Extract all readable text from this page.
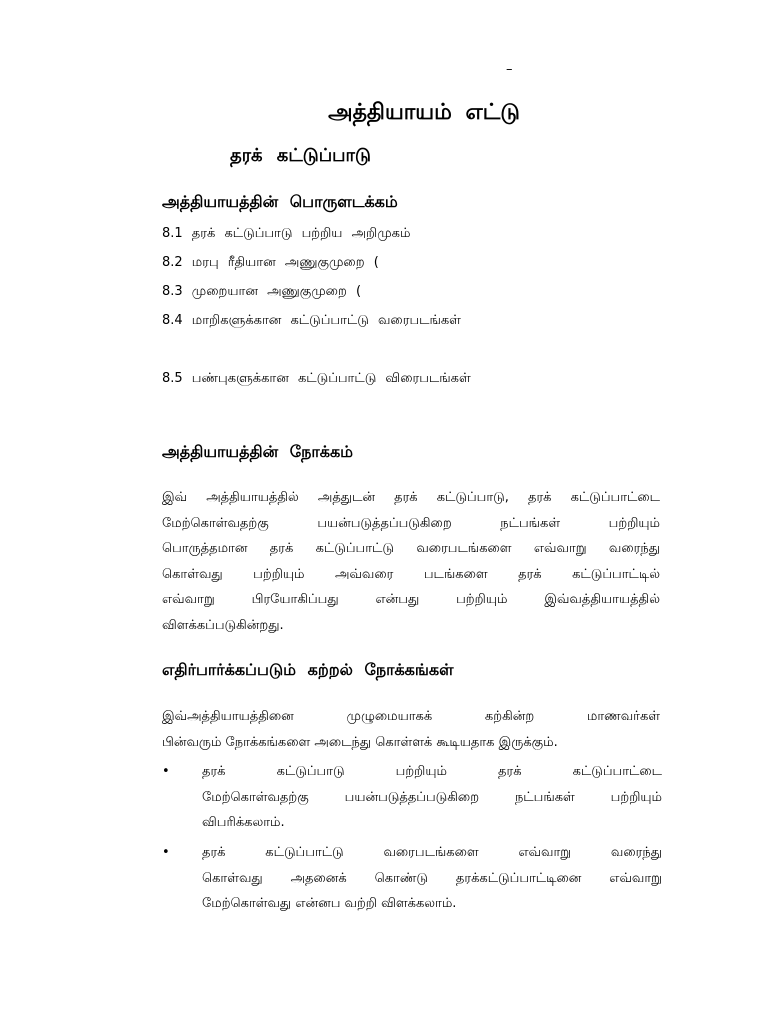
–
அத்தியாயம் எட்டு
தரக் கட்டுப்பாடு
அத்தியாயத்தின் பொருளடக்கம்
8.1 தரக் கட்டுப்பாடு பற்றிய அறிமுகம்
8.2 மரபு ரீதியான அணுகுமுறை (
8.3 முறையான அணுகுமுறை (
8.4 மாறிகளுக்கான கட்டுப்பாட்டு வரைபடங்கள்
8.5 பண்புகளுக்கான கட்டுப்பாட்டு விரைபடங்கள்
அத்தியாயத்தின் நோக்கம்
இவ் அத்தியாயத்தில் அத்துடன் தரக் கட்டுப்பாடு, தரக் கட்டுப்பாட்டை
மேற்கொள்வதற்கு பயன்படுத்தப்படுகிறை நட்பங்கள் பற்றியும்
பொருத்தமான தரக் கட்டுப்பாட்டு வரைபடங்களை எவ்வாறு வரைந்து
கொள்வது பற்றியும் அவ்வரை படங்களை தரக் கட்டுப்பாட்டில்
எவ்வாறு பிரயோகிப்பது என்பது பற்றியும் இவ்வத்தியாயத்தில்
விளக்கப்படுகின்றது.
எதிர்பார்க்கப்படும் கற்றல் நோக்கங்கள்
இவ்அத்தியாயத்தினை முழுமையாகக் கற்கின்ற மாணவர்கள்
பின்வரும் நோக்கங்களை அடைந்து கொள்ளக் கூடியதாக இருக்கும்.
• தரக் கட்டுப்பாடு பற்றியும் தரக் கட்டுப்பாட்டை
மேற்கொள்வதற்கு பயன்படுத்தப்படுகிறை நட்பங்கள் பற்றியும்
விபரிக்கலாம்.
• தரக் கட்டுப்பாட்டு வரைபடங்களை எவ்வாறு வரைந்து
கொள்வது அதனைக் கொண்டு தரக்கட்டுப்பாட்டினை எவ்வாறு
மேற்கொள்வது என்னப வற்றி விளக்கலாம்.
